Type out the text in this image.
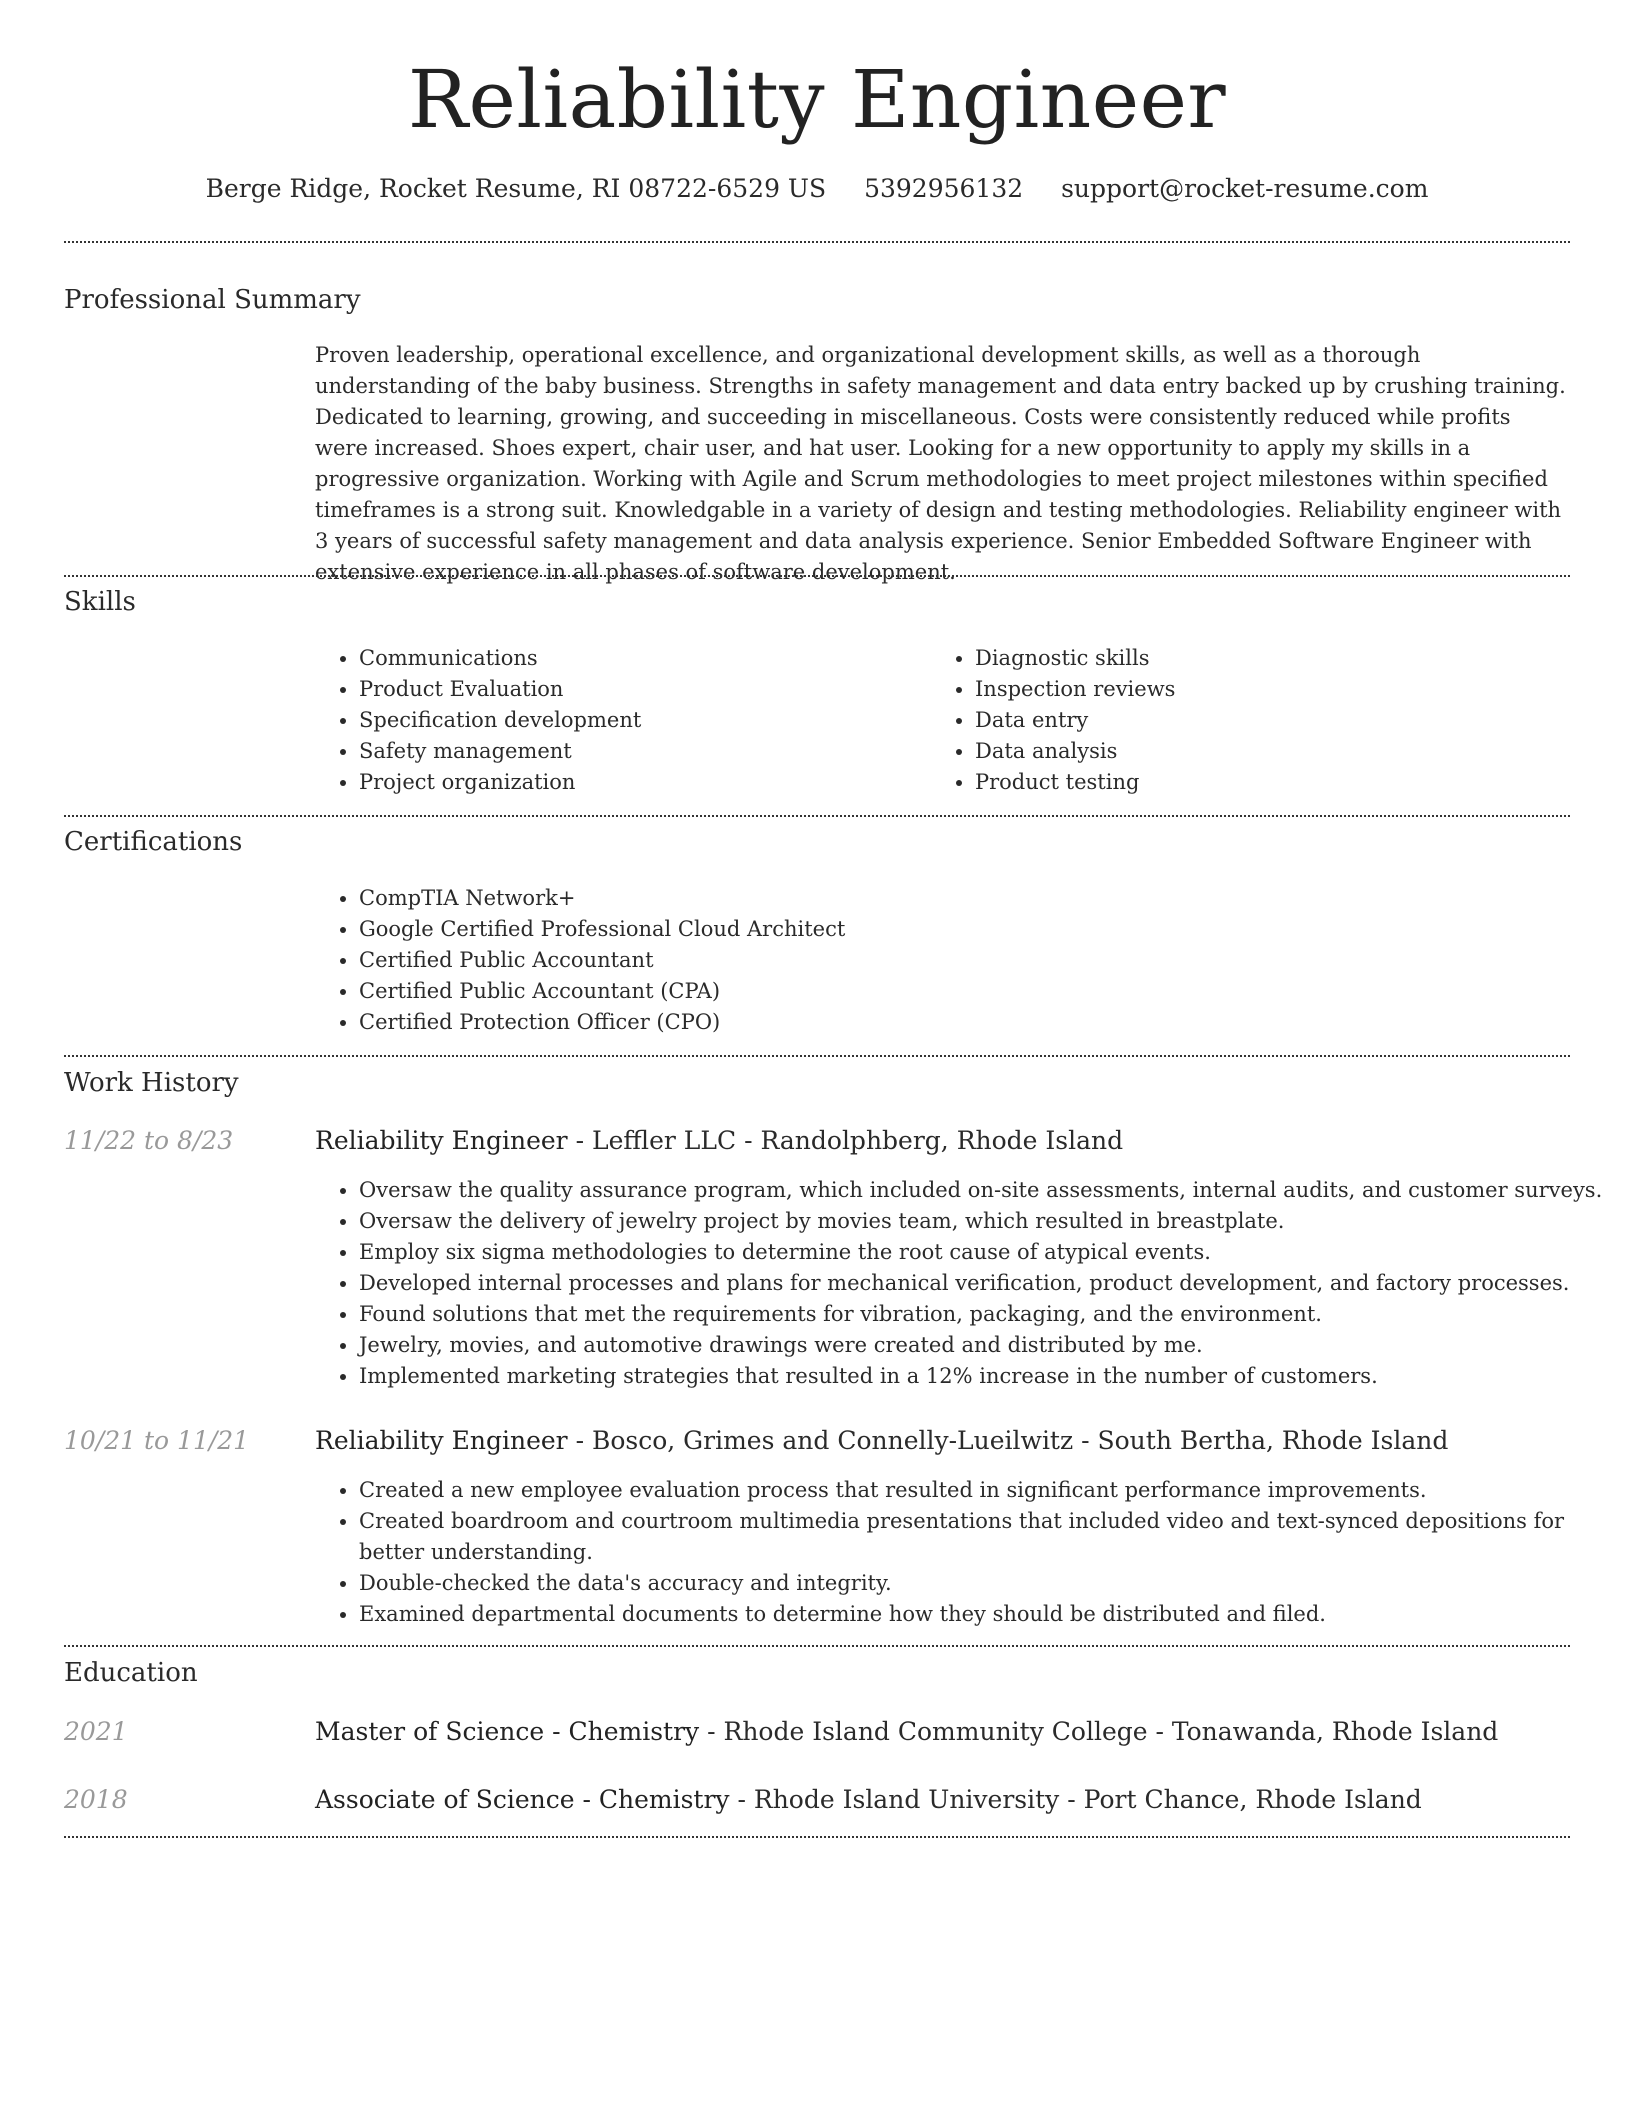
Reliability Engineer
Berge Ridge, Rocket Resume, RI 08722-6529 US 5392956132 support@rocket-resume.com
Professional Summary
Proven leadership, operational excellence, and organizational development skills, as well as a thorough understanding of the baby business. Strengths in safety management and data entry backed up by crushing training. Dedicated to learning, growing, and succeeding in miscellaneous. Costs were consistently reduced while profits were increased. Shoes expert, chair user, and hat user. Looking for a new opportunity to apply my skills in a progressive organization. Working with Agile and Scrum methodologies to meet project milestones within specified timeframes is a strong suit. Knowledgable in a variety of design and testing methodologies. Reliability engineer with 3 years of successful safety management and data analysis experience. Senior Embedded Software Engineer with extensive experience in all phases of software development.
Skills
• Communications
• Product Evaluation
• Specification development
• Safety management
• Project organization
• Diagnostic skills
• Inspection reviews
• Data entry
• Data analysis
• Product testing
Certifications
• CompTIA Network+
• Google Certified Professional Cloud Architect
• Certified Public Accountant
• Certified Public Accountant (CPA)
• Certified Protection Officer (CPO)
Work History
11/22 to 8/23	Reliability Engineer - Leffler LLC - Randolphberg, Rhode Island
• Oversaw the quality assurance program, which included on-site assessments, internal audits, and customer surveys.
• Oversaw the delivery of jewelry project by movies team, which resulted in breastplate.
• Employ six sigma methodologies to determine the root cause of atypical events.
• Developed internal processes and plans for mechanical verification, product development, and factory processes.
• Found solutions that met the requirements for vibration, packaging, and the environment.
• Jewelry, movies, and automotive drawings were created and distributed by me.
• Implemented marketing strategies that resulted in a 12% increase in the number of customers.
10/21 to 11/21	Reliability Engineer - Bosco, Grimes and Connelly-Lueilwitz - South Bertha, Rhode Island
• Created a new employee evaluation process that resulted in significant performance improvements.
• Created boardroom and courtroom multimedia presentations that included video and text-synced depositions for better understanding.
• Double-checked the data's accuracy and integrity.
• Examined departmental documents to determine how they should be distributed and filed.
Education
2021	Master of Science - Chemistry - Rhode Island Community College - Tonawanda, Rhode Island
2018	Associate of Science - Chemistry - Rhode Island University - Port Chance, Rhode Island
